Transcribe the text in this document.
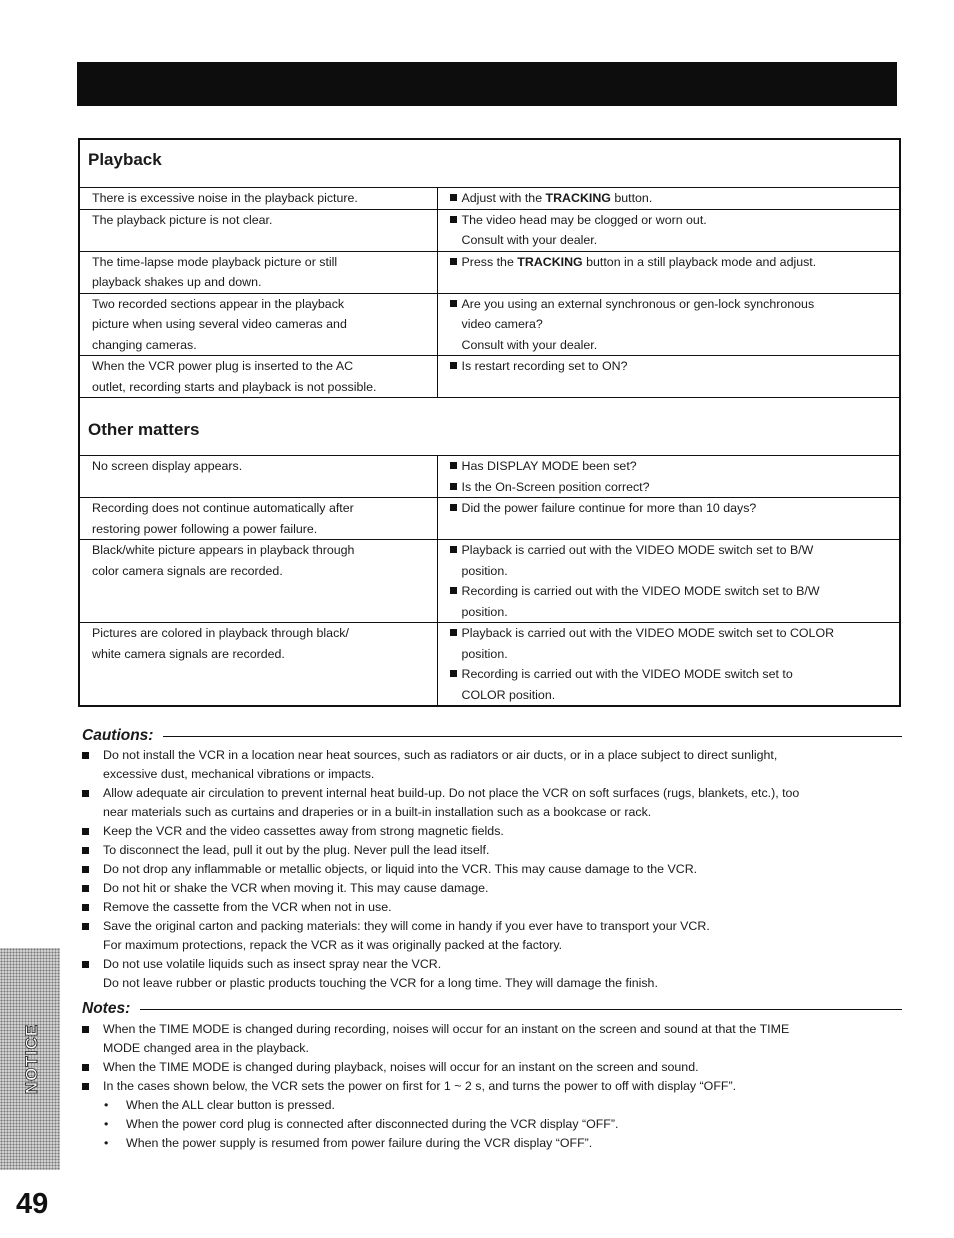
Playback
There is excessive noise in the playback picture.	Adjust with the TRACKING button.

The playback picture is not clear.	The video head may be clogged or worn out.
Consult with your dealer.

The time-lapse mode playback picture or still
playback shakes up and down.	Press the TRACKING button in a still playback mode and adjust.

Two recorded sections appear in the playback
picture when using several video cameras and
changing cameras.	Are you using an external synchronous or gen-lock synchronous
video camera?
Consult with your dealer.

When the VCR power plug is inserted to the AC
outlet, recording starts and playback is not possible.	Is restart recording set to ON?
Other matters
No screen display appears.	Has DISPLAY MODE been set?
Is the On-Screen position correct?

Recording does not continue automatically after
restoring power following a power failure.	Did the power failure continue for more than 10 days?

Black/white picture appears in playback through
color camera signals are recorded.	Playback is carried out with the VIDEO MODE switch set to B/W
position.
Recording is carried out with the VIDEO MODE switch set to B/W
position.

Pictures are colored in playback through black/
white camera signals are recorded.	Playback is carried out with the VIDEO MODE switch set to COLOR
position.
Recording is carried out with the VIDEO MODE switch set to
COLOR position.
Cautions:
Do not install the VCR in a location near heat sources, such as radiators or air ducts, or in a place subject to direct sunlight,
excessive dust, mechanical vibrations or impacts.
Allow adequate air circulation to prevent internal heat build-up. Do not place the VCR on soft surfaces (rugs, blankets, etc.), too
near materials such as curtains and draperies or in a built-in installation such as a bookcase or rack.
Keep the VCR and the video cassettes away from strong magnetic fields.
To disconnect the lead, pull it out by the plug. Never pull the lead itself.
Do not drop any inflammable or metallic objects, or liquid into the VCR. This may cause damage to the VCR.
Do not hit or shake the VCR when moving it. This may cause damage.
Remove the cassette from the VCR when not in use.
Save the original carton and packing materials: they will come in handy if you ever have to transport your VCR.
For maximum protections, repack the VCR as it was originally packed at the factory.
Do not use volatile liquids such as insect spray near the VCR.
Do not leave rubber or plastic products touching the VCR for a long time. They will damage the finish.
Notes:
When the TIME MODE is changed during recording, noises will occur for an instant on the screen and sound at that the TIME
MODE changed area in the playback.
When the TIME MODE is changed during playback, noises will occur for an instant on the screen and sound.
In the cases shown below, the VCR sets the power on first for 1 ~ 2 s, and turns the power to off with display “OFF”.
• When the ALL clear button is pressed.
• When the power cord plug is connected after disconnected during the VCR display “OFF”.
• When the power supply is resumed from power failure during the VCR display “OFF”.
NOTICE
49
